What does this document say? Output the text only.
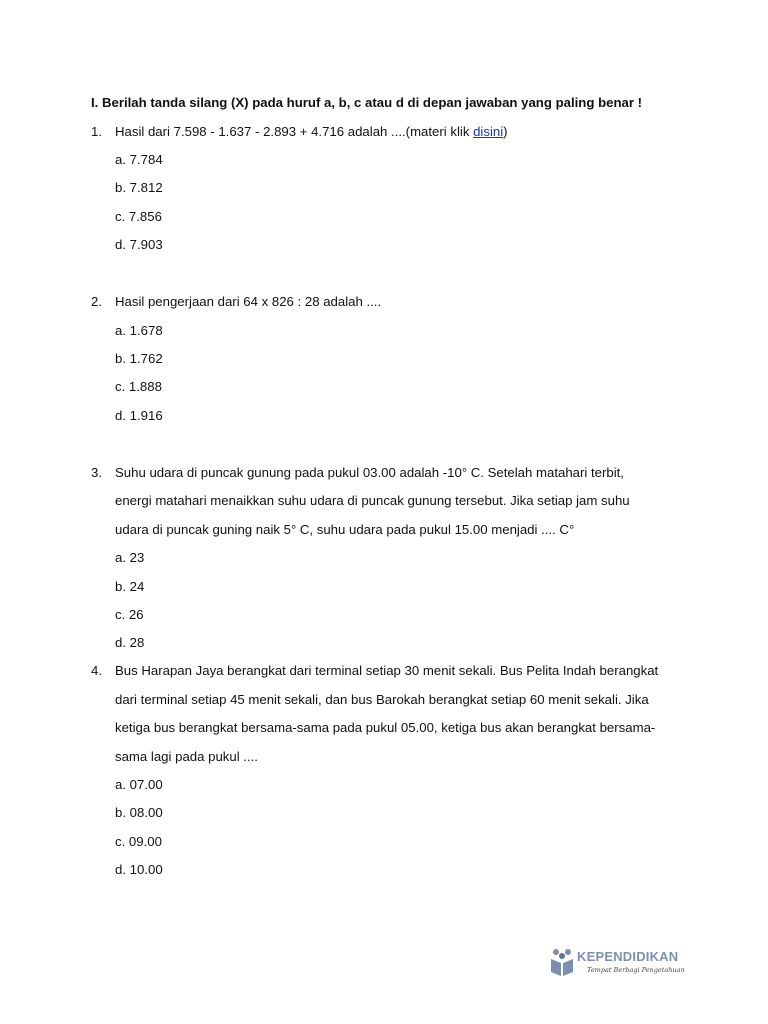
I. Berilah tanda silang (X) pada huruf a, b, c atau d di depan jawaban yang paling benar !
1. Hasil dari 7.598 - 1.637 - 2.893 + 4.716 adalah ....(materi klik disini)
a. 7.784
b. 7.812
c. 7.856
d. 7.903
2. Hasil pengerjaan dari 64 x 826 : 28 adalah ....
a. 1.678
b. 1.762
c. 1.888
d. 1.916
3. Suhu udara di puncak gunung pada pukul 03.00 adalah -10° C. Setelah matahari terbit,
energi matahari menaikkan suhu udara di puncak gunung tersebut. Jika setiap jam suhu
udara di puncak guning naik 5° C, suhu udara pada pukul 15.00 menjadi .... C°
a. 23
b. 24
c. 26
d. 28
4. Bus Harapan Jaya berangkat dari terminal setiap 30 menit sekali. Bus Pelita Indah berangkat
dari terminal setiap 45 menit sekali, dan bus Barokah berangkat setiap 60 menit sekali. Jika
ketiga bus berangkat bersama-sama pada pukul 05.00, ketiga bus akan berangkat bersama-
sama lagi pada pukul ....
a. 07.00
b. 08.00
c. 09.00
d. 10.00
KEPENDIDIKAN
Tempat Berbagi Pengetahuan
